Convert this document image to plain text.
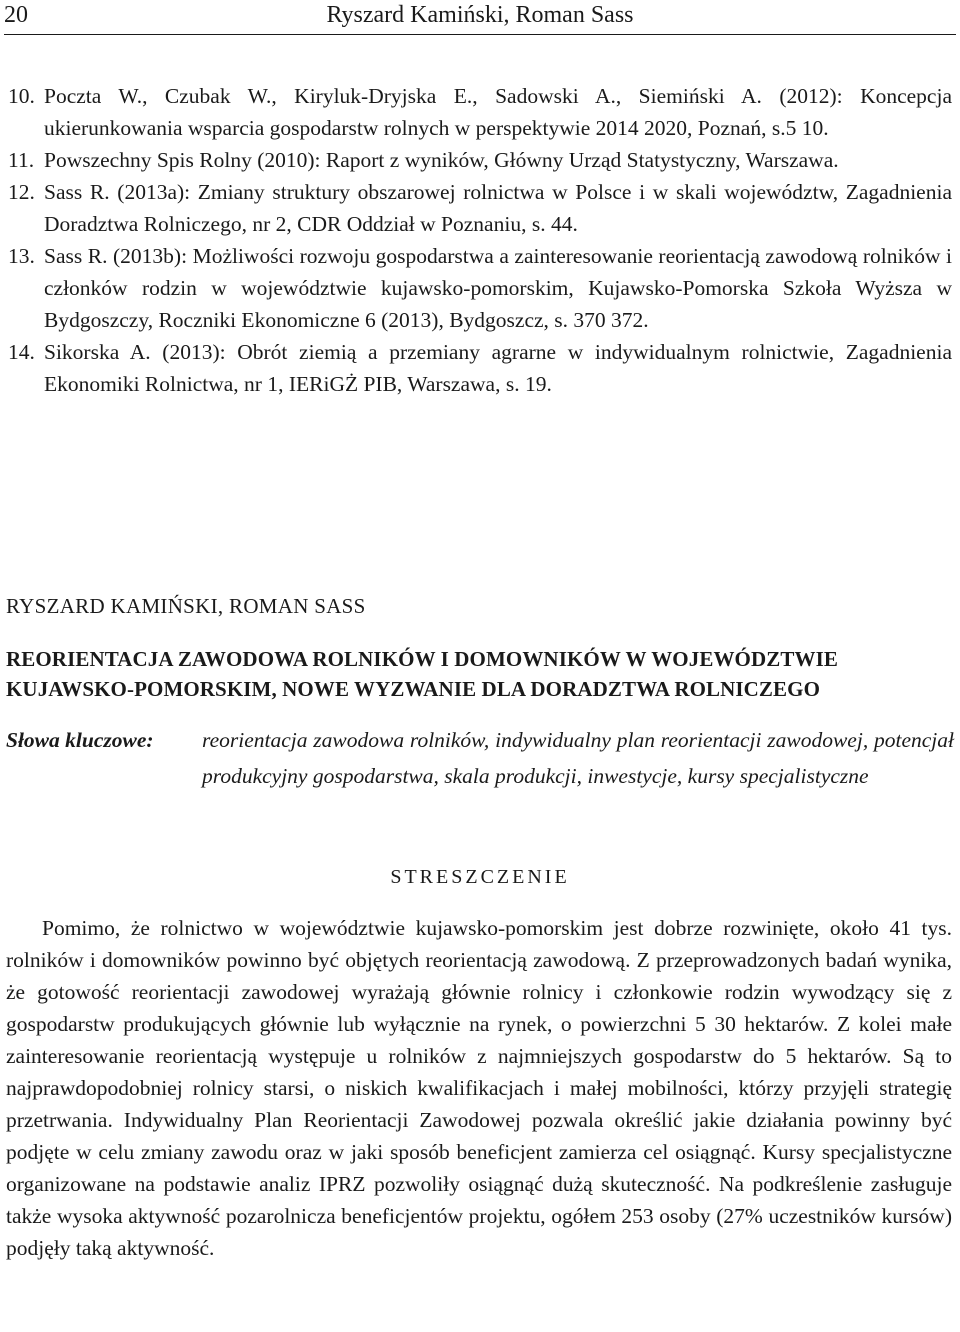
20	Ryszard Kamiński, Roman Sass

10. Poczta W., Czubak W., Kiryluk-Dryjska E., Sadowski A., Siemiński A. (2012): Koncepcja ukierunkowania wsparcia gospodarstw rolnych w perspektywie 2014 2020, Poznań, s.5 10.

11. Powszechny Spis Rolny (2010): Raport z wyników, Główny Urząd Statystyczny, Warszawa.

12. Sass R. (2013a): Zmiany struktury obszarowej rolnictwa w Polsce i w skali województw, Zagadnienia Doradztwa Rolniczego, nr 2, CDR Oddział w Poznaniu, s. 44.

13. Sass R. (2013b): Możliwości rozwoju gospodarstwa a zainteresowanie reorientacją zawodową rolników i członków rodzin w województwie kujawsko-pomorskim, Kujawsko-Pomorska Szkoła Wyższa w Bydgoszczy, Roczniki Ekonomiczne 6 (2013), Bydgoszcz, s. 370 372.

14. Sikorska A. (2013): Obrót ziemią a przemiany agrarne w indywidualnym rolnictwie, Zagadnienia Ekonomiki Rolnictwa, nr 1, IERiGŻ PIB, Warszawa, s. 19.

RYSZARD KAMIŃSKI, ROMAN SASS
REORIENTACJA ZAWODOWA ROLNIKÓW I DOMOWNIKÓW W WOJEWÓDZTWIE KUJAWSKO-POMORSKIM, NOWE WYZWANIE DLA DORADZTWA ROLNICZEGO
Słowa kluczowe: reorientacja zawodowa rolników, indywidualny plan reorientacji zawodowej, potencjał produkcyjny gospodarstwa, skala produkcji, inwestycje, kursy specjalistyczne
STRESZCZENIE

Pomimo, że rolnictwo w województwie kujawsko-pomorskim jest dobrze rozwinięte, około 41 tys. rolników i domowników powinno być objętych reorientacją zawodową. Z przeprowadzonych badań wynika, że gotowość reorientacji zawodowej wyrażają głównie rolnicy i członkowie rodzin wywodzący się z gospodarstw produkujących głównie lub wyłącznie na rynek, o powierzchni 5 30 hektarów. Z kolei małe zainteresowanie reorientacją występuje u rolników z najmniejszych gospodarstw do 5 hektarów. Są to najprawdopodobniej rolnicy starsi, o niskich kwalifikacjach i małej mobilności, którzy przyjęli strategię przetrwania. Indywidualny Plan Reorientacji Zawodowej pozwala określić jakie działania powinny być podjęte w celu zmiany zawodu oraz w jaki sposób beneficjent zamierza cel osiągnąć. Kursy specjalistyczne organizowane na podstawie analiz IPRZ pozwoliły osiągnąć dużą skuteczność. Na podkreślenie zasługuje także wysoka aktywność pozarolnicza beneficjentów projektu, ogółem 253 osoby (27% uczestników kursów) podjęły taką aktywność.
